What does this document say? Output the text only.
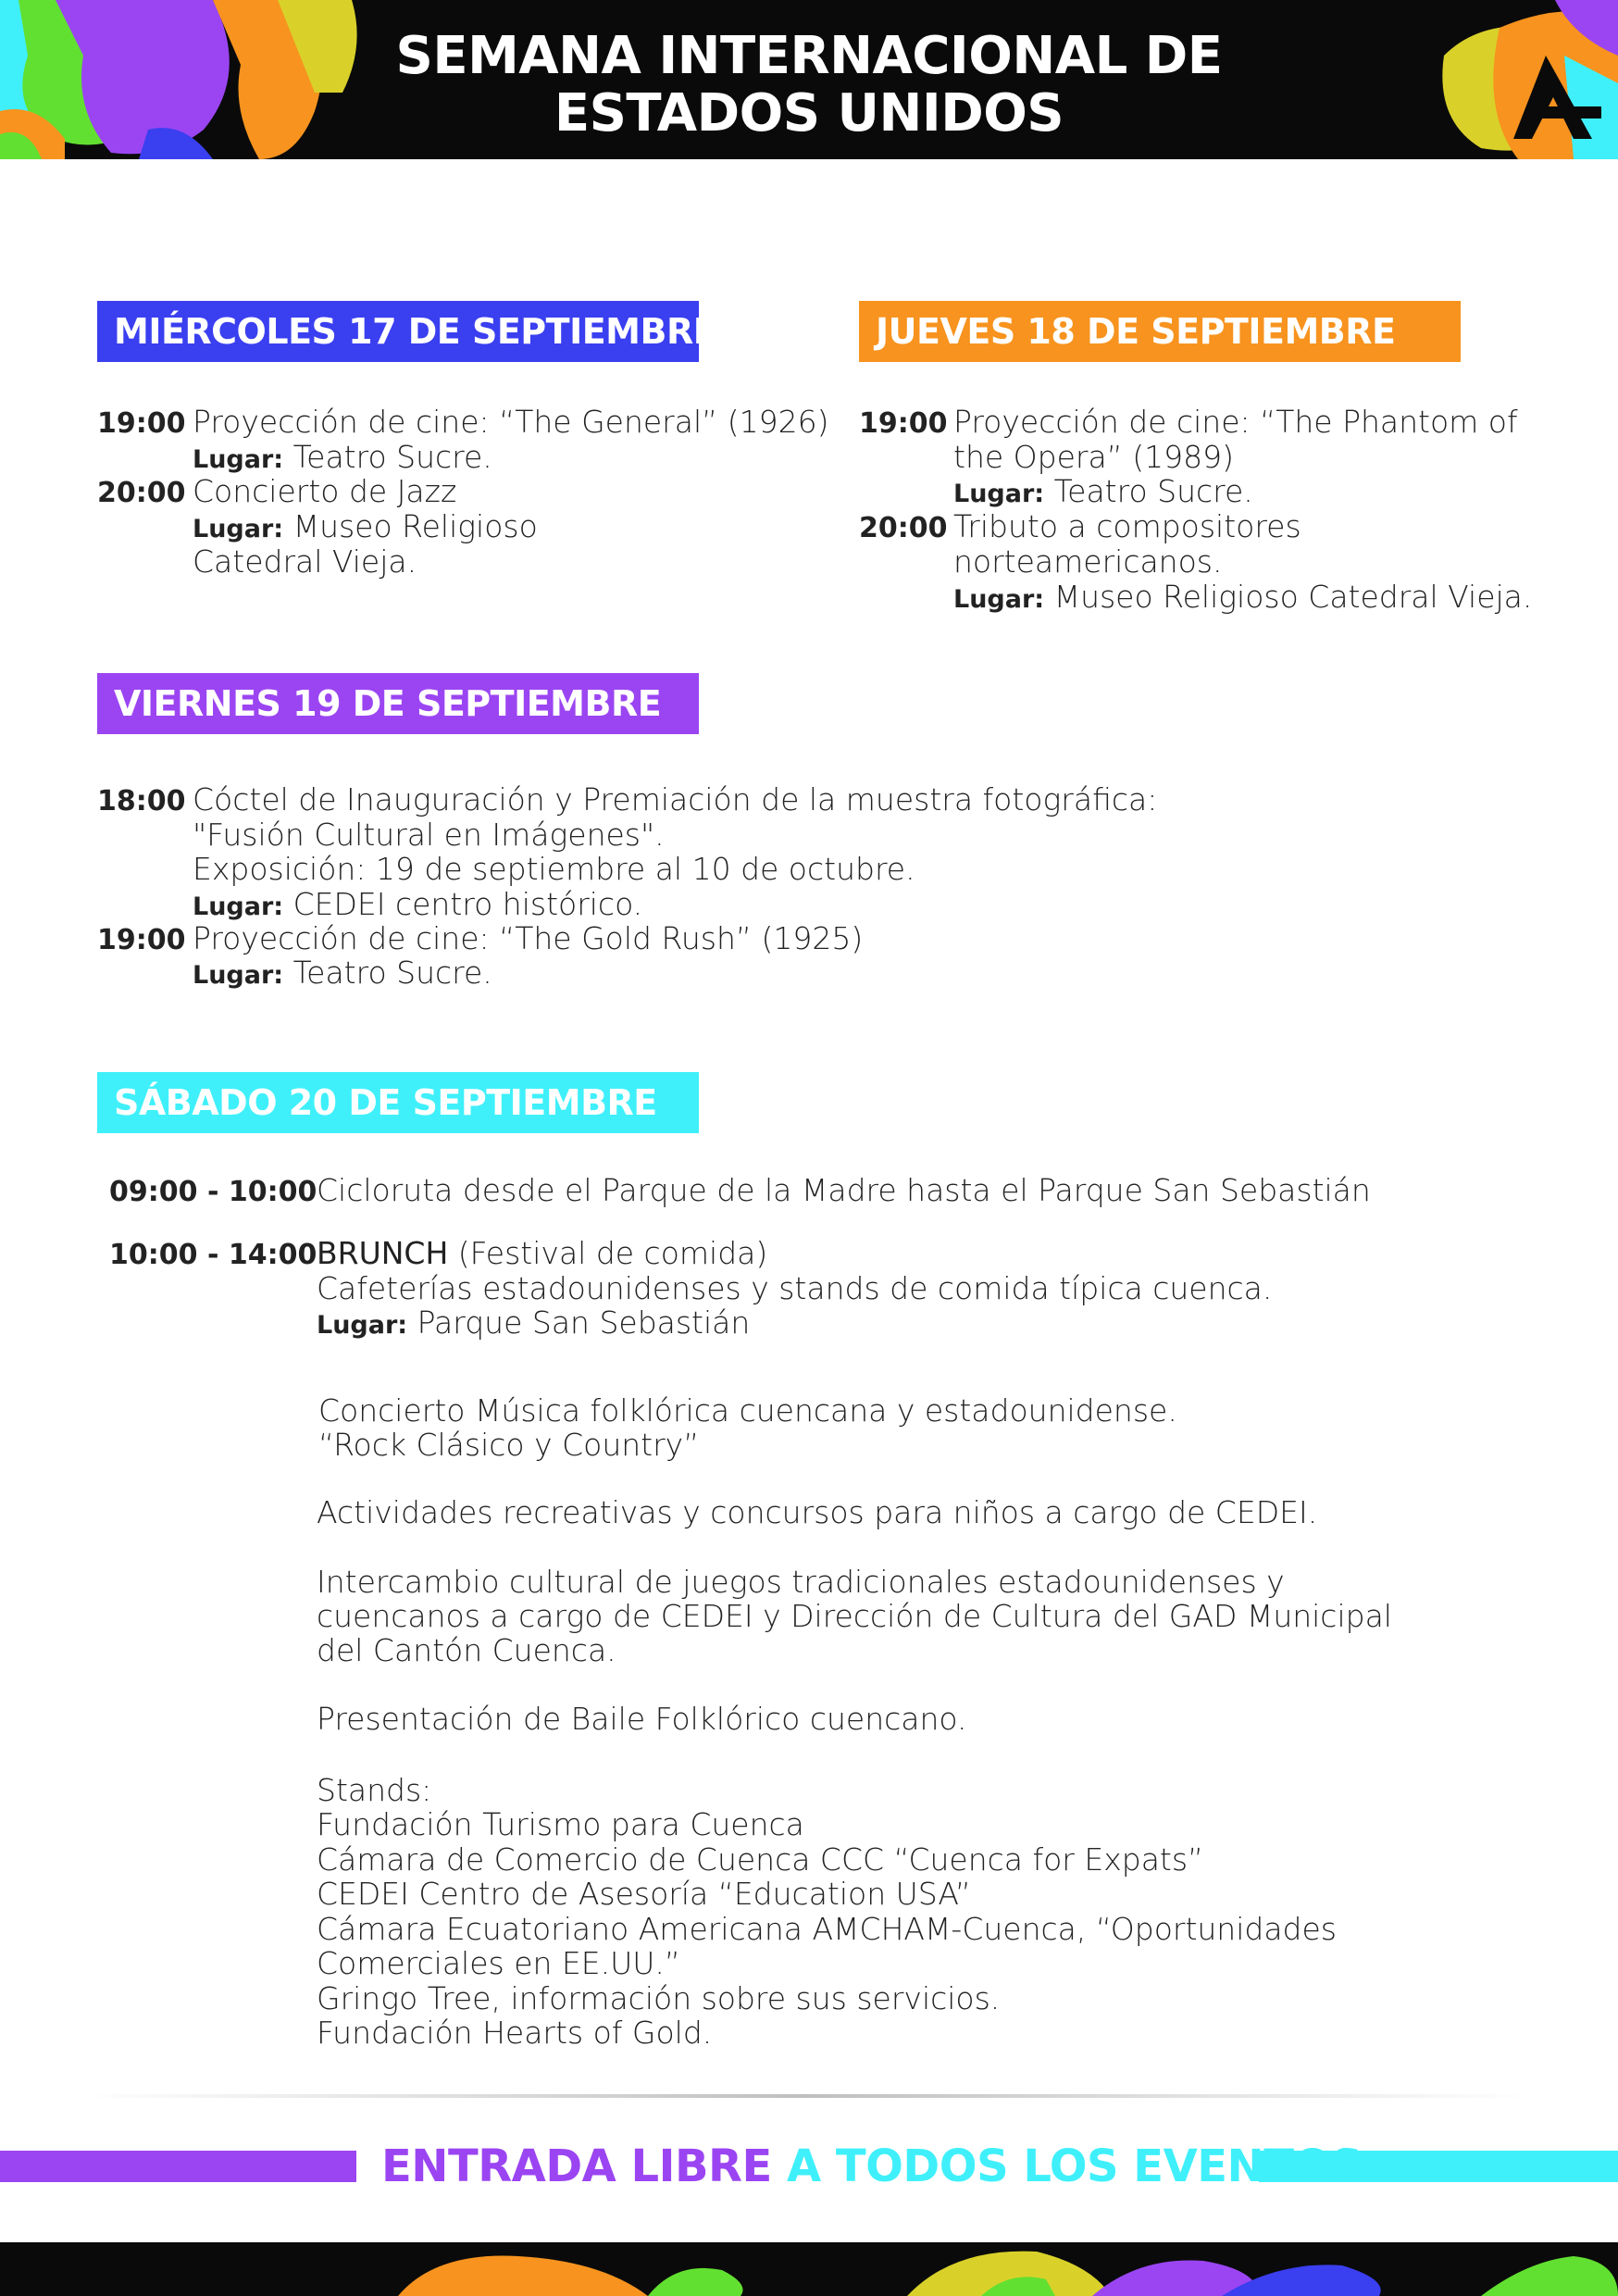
SEMANA INTERNACIONAL DE
ESTADOS UNIDOS
MIÉRCOLES 17 DE SEPTIEMBRE
19:00 Proyección de cine: “The General” (1926)
Lugar: Teatro Sucre.
20:00 Concierto de Jazz
Lugar: Museo Religioso
Catedral Vieja.
JUEVES 18 DE SEPTIEMBRE
19:00 Proyección de cine: “The Phantom of
the Opera” (1989)
Lugar: Teatro Sucre.
20:00 Tributo a compositores
norteamericanos.
Lugar: Museo Religioso Catedral Vieja.
VIERNES 19 DE SEPTIEMBRE
18:00 Cóctel de Inauguración y Premiación de la muestra fotográfica:
"Fusión Cultural en Imágenes".
Exposición: 19 de septiembre al 10 de octubre.
Lugar: CEDEI centro histórico.
19:00 Proyección de cine: “The Gold Rush” (1925)
Lugar: Teatro Sucre.
SÁBADO 20 DE SEPTIEMBRE
09:00 - 10:00 Cicloruta desde el Parque de la Madre hasta el Parque San Sebastián
10:00 - 14:00 BRUNCH (Festival de comida)
Cafeterías estadounidenses y stands de comida típica cuenca.
Lugar: Parque San Sebastián
Concierto Música folklórica cuencana y estadounidense.
“Rock Clásico y Country”
Actividades recreativas y concursos para niños a cargo de CEDEI.
Intercambio cultural de juegos tradicionales estadounidenses y
cuencanos a cargo de CEDEI y Dirección de Cultura del GAD Municipal
del Cantón Cuenca.
Presentación de Baile Folklórico cuencano.
Stands:
Fundación Turismo para Cuenca
Cámara de Comercio de Cuenca CCC “Cuenca for Expats”
CEDEI Centro de Asesoría “Education USA”
Cámara Ecuatoriano Americana AMCHAM-Cuenca, “Oportunidades
Comerciales en EE.UU.”
Gringo Tree, información sobre sus servicios.
Fundación Hearts of Gold.
ENTRADA LIBRE A TODOS LOS EVENTOS
